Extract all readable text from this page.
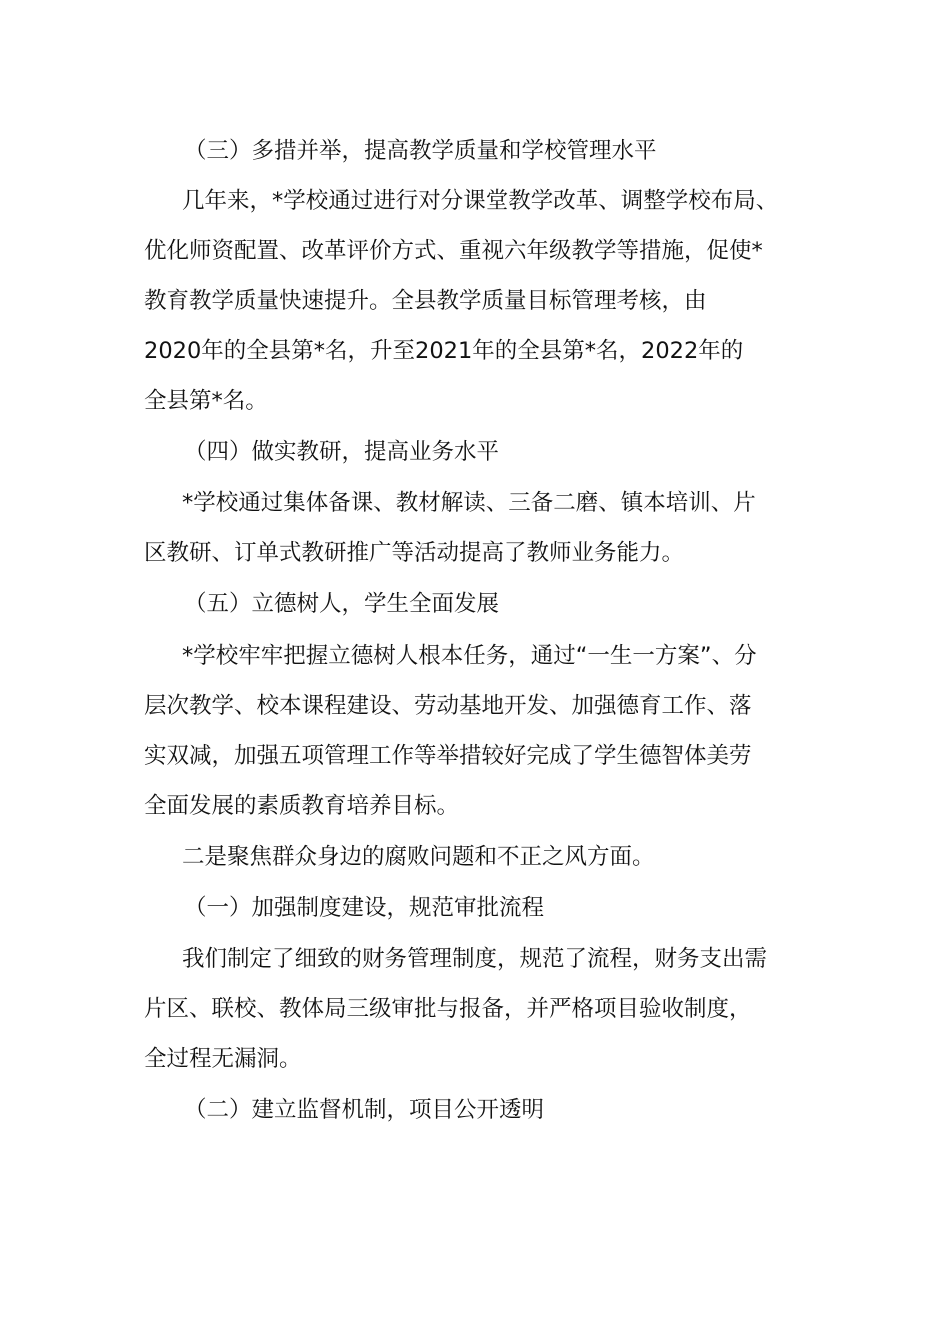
（三）多措并举，提高教学质量和学校管理水平
几年来，*学校通过进行对分课堂教学改革、调整学校布局、
优化师资配置、改革评价方式、重视六年级教学等措施，促使*
教育教学质量快速提升。全县教学质量目标管理考核，由
2020年的全县第*名，升至2021年的全县第*名，2022年的
全县第*名。
（四）做实教研，提高业务水平
*学校通过集体备课、教材解读、三备二磨、镇本培训、片
区教研、订单式教研推广等活动提高了教师业务能力。
（五）立德树人，学生全面发展
*学校牢牢把握立德树人根本任务，通过“一生一方案”、分
层次教学、校本课程建设、劳动基地开发、加强德育工作、落
实双减，加强五项管理工作等举措较好完成了学生德智体美劳
全面发展的素质教育培养目标。
二是聚焦群众身边的腐败问题和不正之风方面。
（一）加强制度建设，规范审批流程
我们制定了细致的财务管理制度，规范了流程，财务支出需
片区、联校、教体局三级审批与报备，并严格项目验收制度，
全过程无漏洞。
（二）建立监督机制，项目公开透明
